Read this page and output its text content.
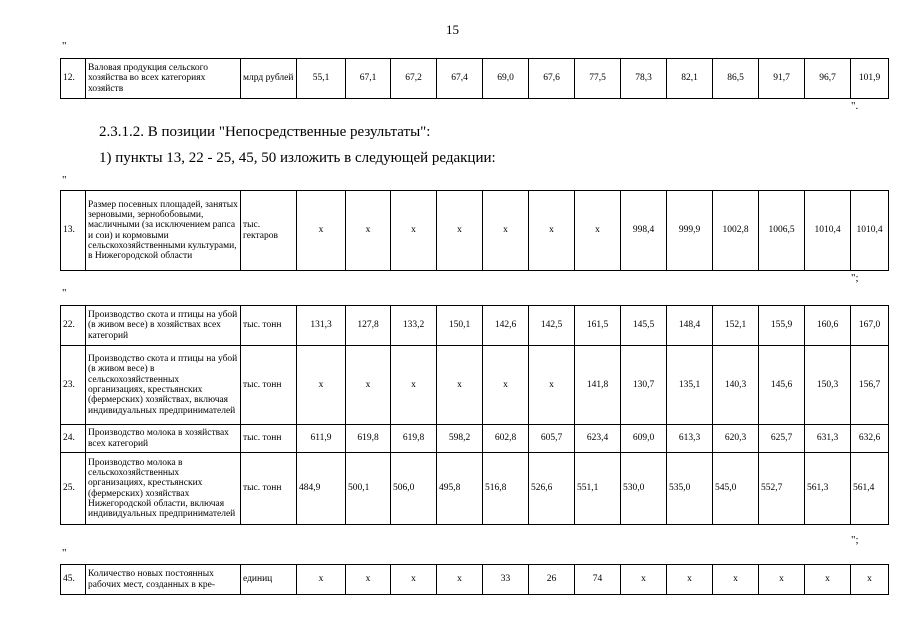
15
"
12.	Валовая продукция сельского хозяйства во всех категориях хозяйств	млрд рублей	55,1	67,1	67,2	67,4	69,0	67,6	77,5	78,3	82,1	86,5	91,7	96,7	101,9
".
2.3.1.2. В позиции "Непосредственные результаты":
1) пункты 13, 22 - 25, 45, 50 изложить в следующей редакции:
"
13.	Размер посевных площадей, занятых зерновыми, зернобобовыми, масличными (за исключением рапса и сои) и кормовыми сельскохозяйственными культурами, в Нижегородской области	тыс. гектаров	x	x	x	x	x	x	x	998,4	999,9	1002,8	1006,5	1010,4	1010,4
";
"
22.	Производство скота и птицы на убой (в живом весе) в хозяйствах всех категорий	тыс. тонн	131,3	127,8	133,2	150,1	142,6	142,5	161,5	145,5	148,4	152,1	155,9	160,6	167,0
23.	Производство скота и птицы на убой (в живом весе) в сельскохозяйственных организациях, крестьянских (фермерских) хозяйствах, включая индивидуальных предпринимателей	тыс. тонн	x	x	x	x	x	x	141,8	130,7	135,1	140,3	145,6	150,3	156,7
24.	Производство молока в хозяйствах всех категорий	тыс. тонн	611,9	619,8	619,8	598,2	602,8	605,7	623,4	609,0	613,3	620,3	625,7	631,3	632,6
25.	Производство молока в сельскохозяйственных организациях, крестьянских (фермерских) хозяйствах Нижегородской области, включая индивидуальных предпринимателей	тыс. тонн	484,9	500,1	506,0	495,8	516,8	526,6	551,1	530,0	535,0	545,0	552,7	561,3	561,4
";
"
45.	Количество новых постоянных рабочих мест, созданных в кре-	единиц	x	x	x	x	33	26	74	x	x	x	x	x	x
